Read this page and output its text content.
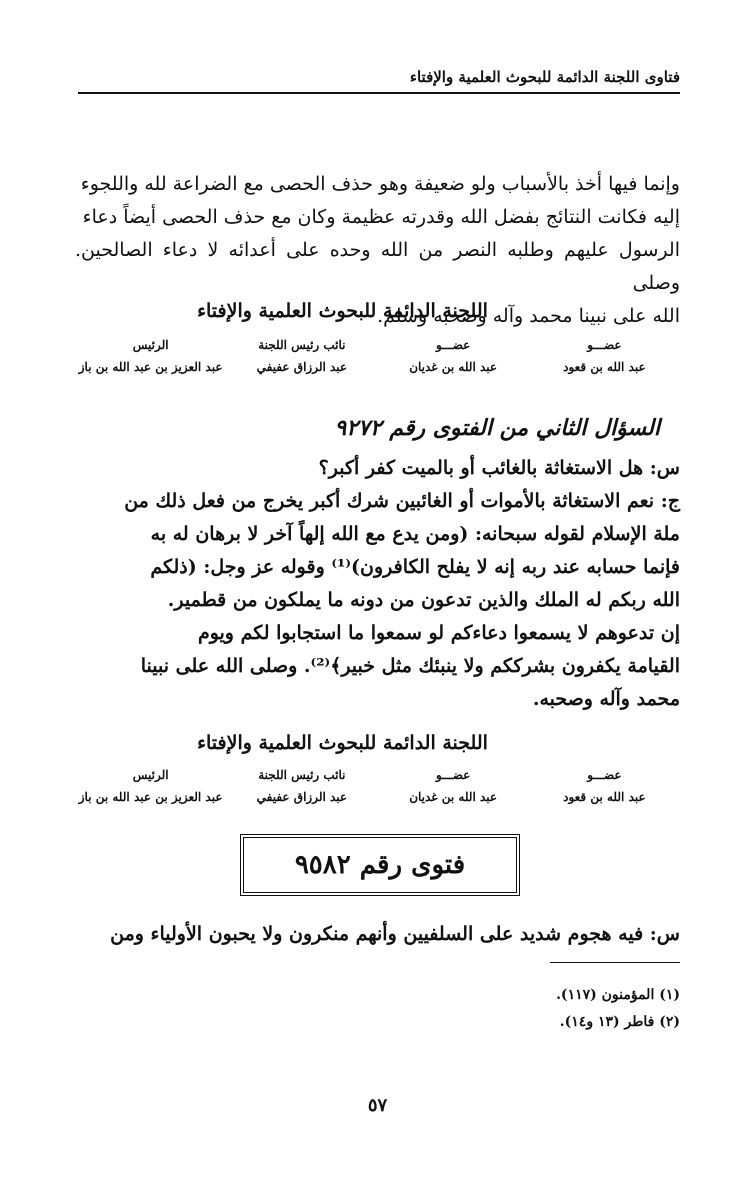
فتاوى اللجنة الدائمة للبحوث العلمية والإفتاء

وإنما فيها أخذ بالأسباب ولو ضعيفة وهو حذف الحصى مع الضراعة لله واللجوء

إليه فكانت النتائج بفضل الله وقدرته عظيمة وكان مع حذف الحصى أيضاً دعاء

الرسول عليهم وطلبه النصر من الله وحده على أعدائه لا دعاء الصالحين. وصلى

الله على نبينا محمد وآله وصحبه وسلم.

اللجنة الدائمة للبحوث العلمية والإفتاء
عضـــو
عبد الله بن قعود
عضـــو
عبد الله بن غديان
نائب رئيس اللجنة
عبد الرزاق عفيفي
الرئيس
عبد العزيز بن عبد الله بن باز
السؤال الثاني من الفتوى رقم ٩٢٧٢

س: هل الاستغاثة بالغائب أو بالميت كفر أكبر؟

ج: نعم الاستغاثة بالأموات أو الغائبين شرك أكبر يخرج من فعل ذلك من

ملة الإسلام لقوله سبحانه: (ومن يدع مع الله إلهاً آخر لا برهان له به

فإنما حسابه عند ربه إنه لا يفلح الكافرون)⁽¹⁾ وقوله عز وجل: (ذلكم

الله ربكم له الملك والذين تدعون من دونه ما يملكون من قطمير.

إن تدعوهم لا يسمعوا دعاءكم لو سمعوا ما استجابوا لكم ويوم

القيامة يكفرون بشرككم ولا ينبئك مثل خبير﴾⁽²⁾. وصلى الله على نبينا

محمد وآله وصحبه.

اللجنة الدائمة للبحوث العلمية والإفتاء
عضـــو
عبد الله بن قعود
عضـــو
عبد الله بن غديان
نائب رئيس اللجنة
عبد الرزاق عفيفي
الرئيس
عبد العزيز بن عبد الله بن باز
فتوى رقم ٩٥٨٢

س: فيه هجوم شديد على السلفيين وأنهم منكرون ولا يحبون الأولياء ومن

(١) المؤمنون (١١٧).
(٢) فاطر (١٣ و١٤).
٥٧
